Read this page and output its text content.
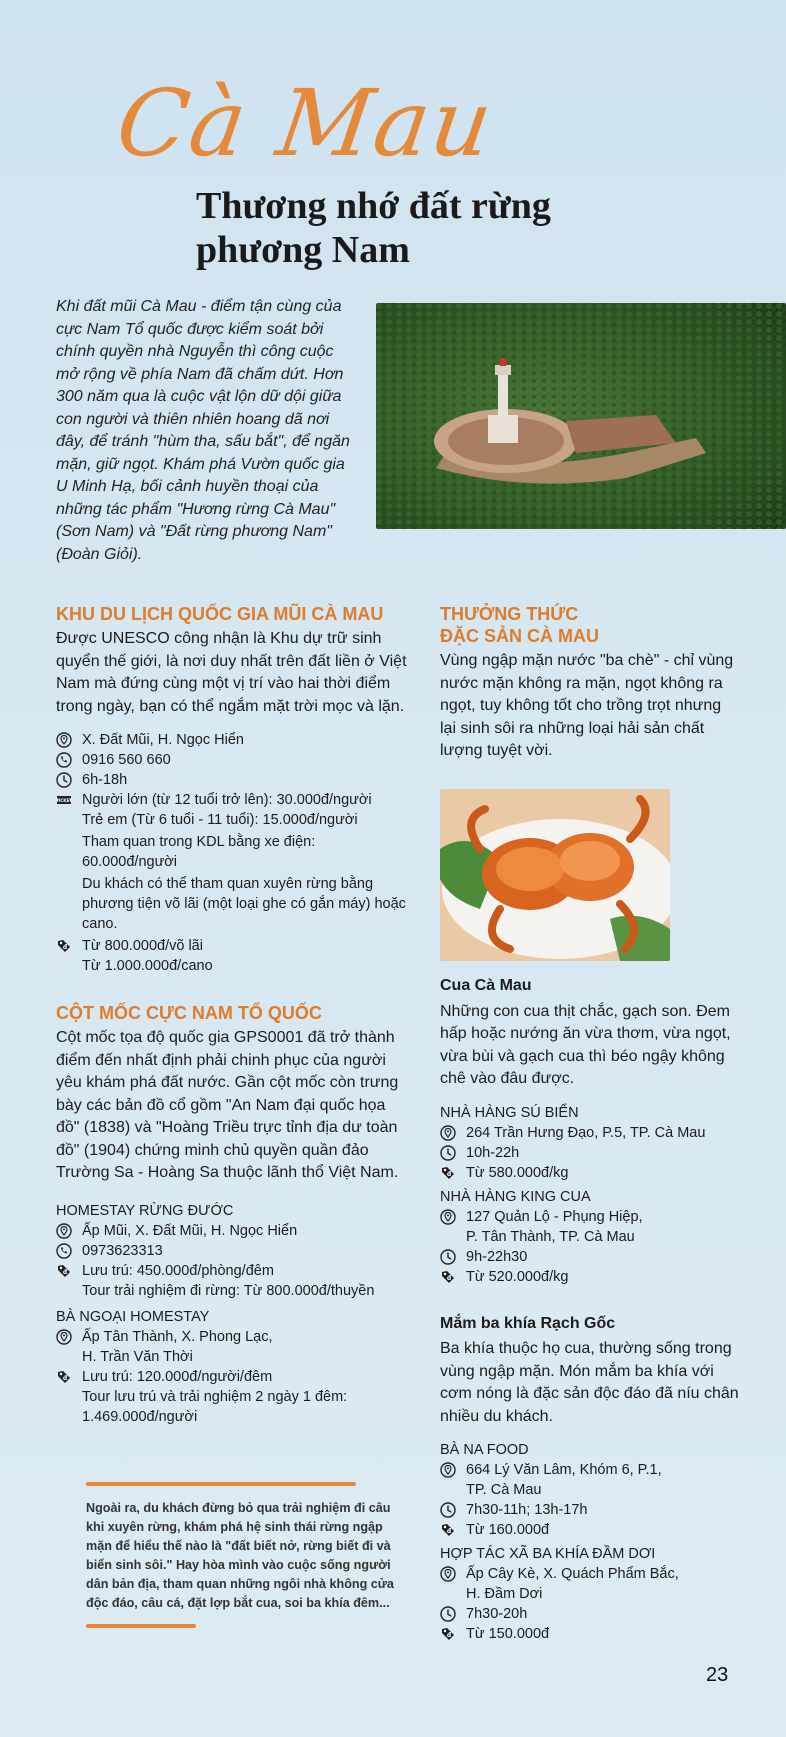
Cà Mau
Thương nhớ đất rừng phương Nam

Khi đất mũi Cà Mau - điểm tận cùng của cực Nam Tổ quốc được kiểm soát bởi chính quyền nhà Nguyễn thì công cuộc mở rộng về phía Nam đã chấm dứt. Hơn 300 năm qua là cuộc vật lộn dữ dội giữa con người và thiên nhiên hoang dã nơi đây, để tránh "hùm tha, sấu bắt", để ngăn mặn, giữ ngọt. Khám phá Vườn quốc gia U Minh Hạ, bối cảnh huyền thoại của những tác phẩm "Hương rừng Cà Mau" (Sơn Nam) và "Đất rừng phương Nam" (Đoàn Giỏi).

KHU DU LỊCH QUỐC GIA MŨI CÀ MAU

Được UNESCO công nhận là Khu dự trữ sinh quyển thế giới, là nơi duy nhất trên đất liền ở Việt Nam mà đứng cùng một vị trí vào hai thời điểm trong ngày, bạn có thể ngắm mặt trời mọc và lặn.

X. Đất Mũi, H. Ngọc Hiển
0916 560 660
6h-18h
Người lớn (từ 12 tuổi trở lên): 30.000đ/người
Trẻ em (Từ 6 tuổi - 11 tuổi): 15.000đ/người
Tham quan trong KDL bằng xe điện: 60.000đ/người
Du khách có thể tham quan xuyên rừng bằng phương tiện võ lãi (một loại ghe có gắn máy) hoặc cano.
Từ 800.000đ/võ lãi
Từ 1.000.000đ/cano
CỘT MỐC CỰC NAM TỔ QUỐC

Cột mốc tọa độ quốc gia GPS0001 đã trở thành điểm đến nhất định phải chinh phục của người yêu khám phá đất nước. Gần cột mốc còn trưng bày các bản đồ cổ gồm "An Nam đại quốc họa đồ" (1838) và "Hoàng Triều trực tỉnh địa dư toàn đồ" (1904) chứng minh chủ quyền quần đảo Trường Sa - Hoàng Sa thuộc lãnh thổ Việt Nam.

HOMESTAY RỪNG ĐƯỚC
Ấp Mũi, X. Đất Mũi, H. Ngọc Hiển
0973623313
Lưu trú: 450.000đ/phòng/đêm
Tour trải nghiệm đi rừng: Từ 800.000đ/thuyền
BÀ NGOẠI HOMESTAY
Ấp Tân Thành, X. Phong Lạc,
H. Trần Văn Thời
Lưu trú: 120.000đ/người/đêm
Tour lưu trú và trải nghiệm 2 ngày 1 đêm: 1.469.000đ/người

Ngoài ra, du khách đừng bỏ qua trải nghiệm đi câu khi xuyên rừng, khám phá hệ sinh thái rừng ngập mặn để hiểu thế nào là "đất biết nở, rừng biết đi và biển sinh sôi." Hay hòa mình vào cuộc sống người dân bản địa, tham quan những ngôi nhà không cửa độc đáo, câu cá, đặt lợp bắt cua, soi ba khía đêm...

THƯỞNG THỨC
ĐẶC SẢN CÀ MAU

Vùng ngập mặn nước "ba chè" - chỉ vùng nước mặn không ra mặn, ngọt không ra ngọt, tuy không tốt cho trồng trọt nhưng lại sinh sôi ra những loại hải sản chất lượng tuyệt vời.

Cua Cà Mau

Những con cua thịt chắc, gạch son. Đem hấp hoặc nướng ăn vừa thơm, vừa ngọt, vừa bùi và gạch cua thì béo ngậy không chê vào đâu được.

NHÀ HÀNG SÚ BIỂN
264 Trần Hưng Đạo, P.5, TP. Cà Mau
10h-22h
Từ 580.000đ/kg
NHÀ HÀNG KING CUA
127 Quản Lộ - Phụng Hiệp,
P. Tân Thành, TP. Cà Mau
9h-22h30
Từ 520.000đ/kg
Mắm ba khía Rạch Gốc

Ba khía thuộc họ cua, thường sống trong vùng ngập mặn. Món mắm ba khía với cơm nóng là đặc sản độc đáo đã níu chân nhiều du khách.

BÀ NA FOOD
664 Lý Văn Lâm, Khóm 6, P.1,
TP. Cà Mau
7h30-11h; 13h-17h
Từ 160.000đ
HỢP TÁC XÃ BA KHÍA ĐẦM DƠI
Ấp Cây Kè, X. Quách Phẩm Bắc,
H. Đầm Dơi
7h30-20h
Từ 150.000đ
23
